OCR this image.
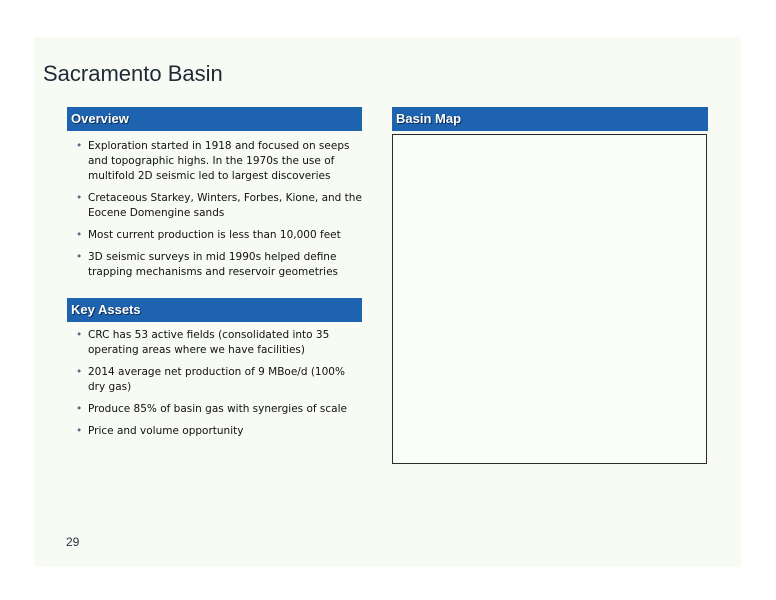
Sacramento Basin
Overview
• Exploration started in 1918 and focused on seeps and topographic highs. In the 1970s the use of multifold 2D seismic led to largest discoveries
• Cretaceous Starkey, Winters, Forbes, Kione, and the Eocene Domengine sands
• Most current production is less than 10,000 feet
• 3D seismic surveys in mid 1990s helped define trapping mechanisms and reservoir geometries
Key Assets
• CRC has 53 active fields (consolidated into 35 operating areas where we have facilities)
• 2014 average net production of 9 MBoe/d (100% dry gas)
• Produce 85% of basin gas with synergies of scale
• Price and volume opportunity
Basin Map
29
